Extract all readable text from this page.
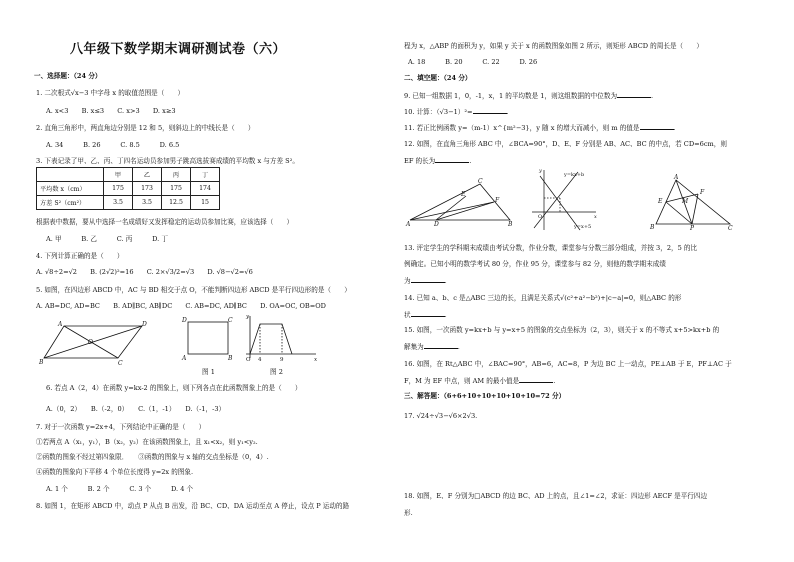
八年级下数学期末调研测试卷（六）
一、选择题：（24 分）
1. 二次根式√x−3 中字母 x 的取值范围是（　　）
A. x<3　　B. x≤3　　C. x>3　　D. x≥3
2. 直角三角形中，两直角边分别是 12 和 5，则斜边上的中线长是（　　）
A. 34　　　B. 26　　　C. 8.5　　　D. 6.5
3. 下表记录了甲、乙、丙、丁四名运动员参加男子跳高选拔赛成绩的平均数 x 与方差 S²。
	甲	乙	丙	丁
平均数 x（cm）	175	173	175	174
方差 S²（cm²）	3.5	3.5	12.5	15
根据表中数据，要从中选择一名成绩好又发挥稳定的运动员参加比赛，应该选择（　　）
A. 甲　　　B. 乙　　　C. 丙　　　D. 丁
4. 下列计算正确的是（　　）
A. √8÷2=√2　　B. (2√2)²=16　　C. 2×√3/2=√3　　D. √8−√2=√6
5. 如图，在四边形 ABCD 中，AC 与 BD 相交于点 O，不能判断四边形 ABCD 是平行四边形的是（　　）
A. AB=DC, AD=BC　　B. AD∥BC, AB∥DC　　C. AB=DC, AD∥BC　　D. OA=OC, OB=OD
A	D
B	C
O
D	C
A	B
图 1
y
x
O 4	9
图 2
6. 若点 A（2，4）在函数 y=kx-2 的图象上，则下列各点在此函数图象上的是（　　）
A.（0，2）　　B.（-2，0）　　C.（1，-1）　　D.（-1，-3）
7. 对于一次函数 y=2x+4，下列结论中正确的是（　　）
①若两点 A（x₁，y₁），B（x₂，y₂）在该函数图象上，且 x₁<x₂，则 y₁<y₂.
②函数的图象不经过第四象限．　　③函数的图象与 x 轴的交点坐标是（0，4）.
④函数的图象向下平移 4 个单位长度得 y=2x 的图象.
A. 1 个　　　B. 2 个　　　C. 3 个　　　D. 4 个
8. 如图 1，在矩形 ABCD 中，动点 P 从点 B 出发，沿 BC、CD、DA 运动至点 A 停止，设点 P 运动的路
程为 x，△ABP 的面积为 y，如果 y 关于 x 的函数图象如图 2 所示，则矩形 ABCD 的周长是（　　）
A. 18　　　B. 20　　　C. 22　　　D. 26
二、填空题：（24 分）
9. 已知一组数据 1，0，-1，x，1 的平均数是 1，则这组数据的中位数为	.
10. 计算：（√3−1）²=	.
11. 若正比例函数 y=（m-1）x^{m²−3}，y 随 x 的增大而减小，则 m 的值是	.
12. 如图，在直角三角形 ABC 中，∠BCA=90°，D、E、F 分别是 AB、AC、BC 的中点，若 CD=6cm，则
EF 的长为	.
C
E
F
A	D	B
y=kx+b
y=x+5
y
x
O
A
E
F
M
B	P	C
13. 评定学生的学科期末成绩由考试分数，作业分数，课堂参与分数三部分组成，并按 3，2，5 的比
例确定。已知小明的数学考试 80 分，作业 95 分，课堂参与 82 分，则他的数学期末成绩
为	.
14. 已知 a、b、c 是△ABC 三边的长，且满足关系式√(c²+a²−b²)+|c−a|=0，则△ABC 的形
状	.
15. 如图，一次函数 y=kx+b 与 y=x+5 的图象的交点坐标为（2，3），则关于 x 的不等式 x+5>kx+b 的
解集为	.
16. 如图，在 Rt△ABC 中，∠BAC=90°，AB=6，AC=8，P 为边 BC 上一动点，PE⊥AB 于 E，PF⊥AC 于
F，M 为 EF 中点，则 AM 的最小值是	.
三、解答题：（6+6+10+10+10+10+10=72 分）
17. √24÷√3−√6×2√3.
18. 如图，E、F 分别为□ABCD 的边 BC、AD 上的点，且∠1=∠2，求证：四边形 AECF 是平行四边
形.
